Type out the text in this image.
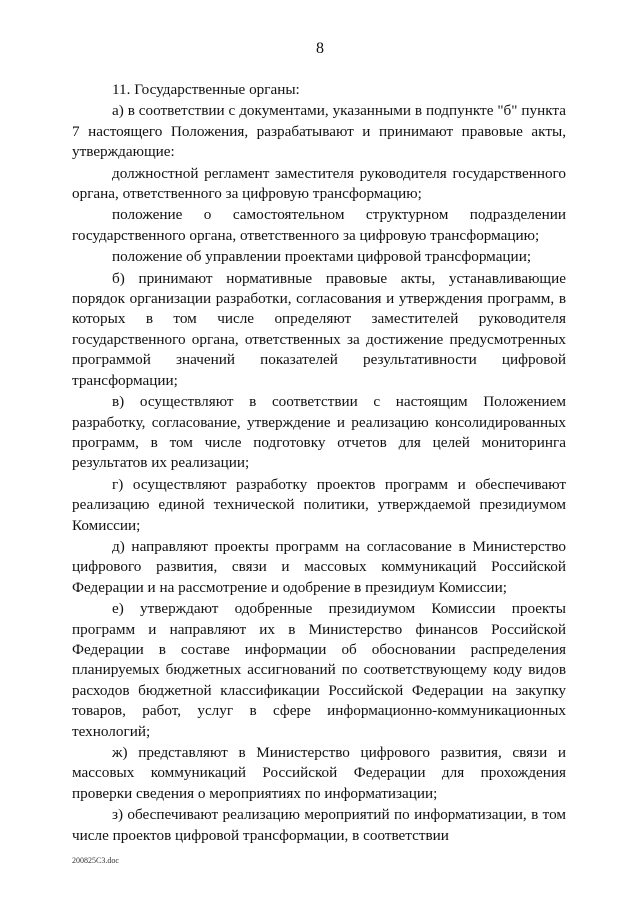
8

11. Государственные органы:

а) в соответствии с документами, указанными в подпункте "б" пункта 7 настоящего Положения, разрабатывают и принимают правовые акты, утверждающие:

должностной регламент заместителя руководителя государственного органа, ответственного за цифровую трансформацию;

положение о самостоятельном структурном подразделении государственного органа, ответственного за цифровую трансформацию;

положение об управлении проектами цифровой трансформации;

б) принимают нормативные правовые акты, устанавливающие порядок организации разработки, согласования и утверждения программ, в которых в том числе определяют заместителей руководителя государственного органа, ответственных за достижение предусмотренных программой значений показателей результативности цифровой трансформации;

в) осуществляют в соответствии с настоящим Положением разработку, согласование, утверждение и реализацию консолидированных программ, в том числе подготовку отчетов для целей мониторинга результатов их реализации;

г) осуществляют разработку проектов программ и обеспечивают реализацию единой технической политики, утверждаемой президиумом Комиссии;

д) направляют проекты программ на согласование в Министерство цифрового развития, связи и массовых коммуникаций Российской Федерации и на рассмотрение и одобрение в президиум Комиссии;

е) утверждают одобренные президиумом Комиссии проекты программ и направляют их в Министерство финансов Российской Федерации в составе информации об обосновании распределения планируемых бюджетных ассигнований по соответствующему коду видов расходов бюджетной классификации Российской Федерации на закупку товаров, работ, услуг в сфере информационно-коммуникационных технологий;

ж) представляют в Министерство цифрового развития, связи и массовых коммуникаций Российской Федерации для прохождения проверки сведения о мероприятиях по информатизации;

з) обеспечивают реализацию мероприятий по информатизации, в том числе проектов цифровой трансформации, в соответствии

200825С3.doc
